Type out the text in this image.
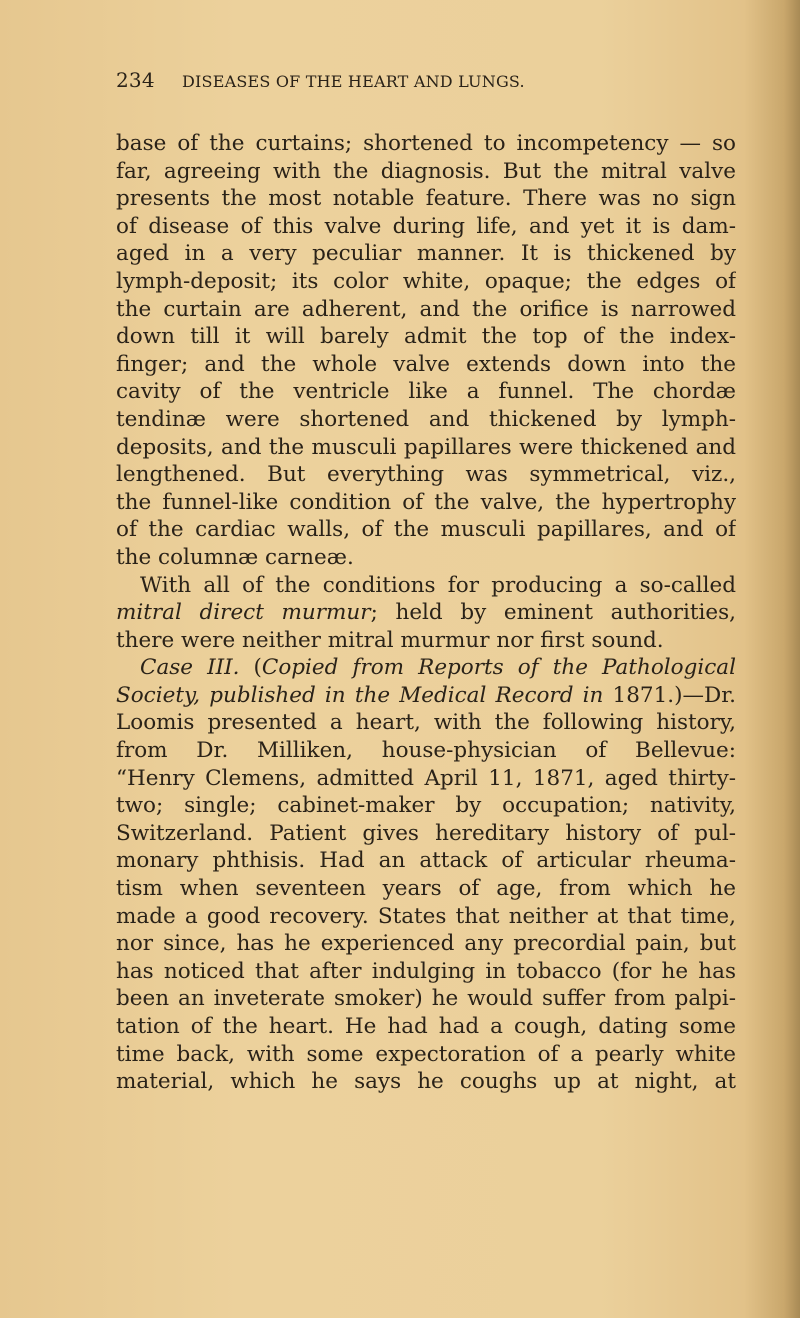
234 DISEASES OF THE HEART AND LUNGS.
base of the curtains; shortened to incompetency — so
far, agreeing with the diagnosis. But the mitral valve
presents the most notable feature. There was no sign
of disease of this valve during life, and yet it is dam-
aged in a very peculiar manner. It is thickened by
lymph-deposit; its color white, opaque; the edges of
the curtain are adherent, and the orifice is narrowed
down till it will barely admit the top of the index-
finger; and the whole valve extends down into the
cavity of the ventricle like a funnel. The chordæ
tendinæ were shortened and thickened by lymph-
deposits, and the musculi papillares were thickened and
lengthened. But everything was symmetrical, viz.,
the funnel-like condition of the valve, the hypertrophy
of the cardiac walls, of the musculi papillares, and of
the columnæ carneæ.
With all of the conditions for producing a so-called
mitral direct murmur; held by eminent authorities,
there were neither mitral murmur nor first sound.
Case III. (Copied from Reports of the Pathological
Society, published in the Medical Record in 1871.)—Dr.
Loomis presented a heart, with the following history,
from Dr. Milliken, house-physician of Bellevue:
“Henry Clemens, admitted April 11, 1871, aged thirty-
two; single; cabinet-maker by occupation; nativity,
Switzerland. Patient gives hereditary history of pul-
monary phthisis. Had an attack of articular rheuma-
tism when seventeen years of age, from which he
made a good recovery. States that neither at that time,
nor since, has he experienced any precordial pain, but
has noticed that after indulging in tobacco (for he has
been an inveterate smoker) he would suffer from palpi-
tation of the heart. He had had a cough, dating some
time back, with some expectoration of a pearly white
material, which he says he coughs up at night, at
